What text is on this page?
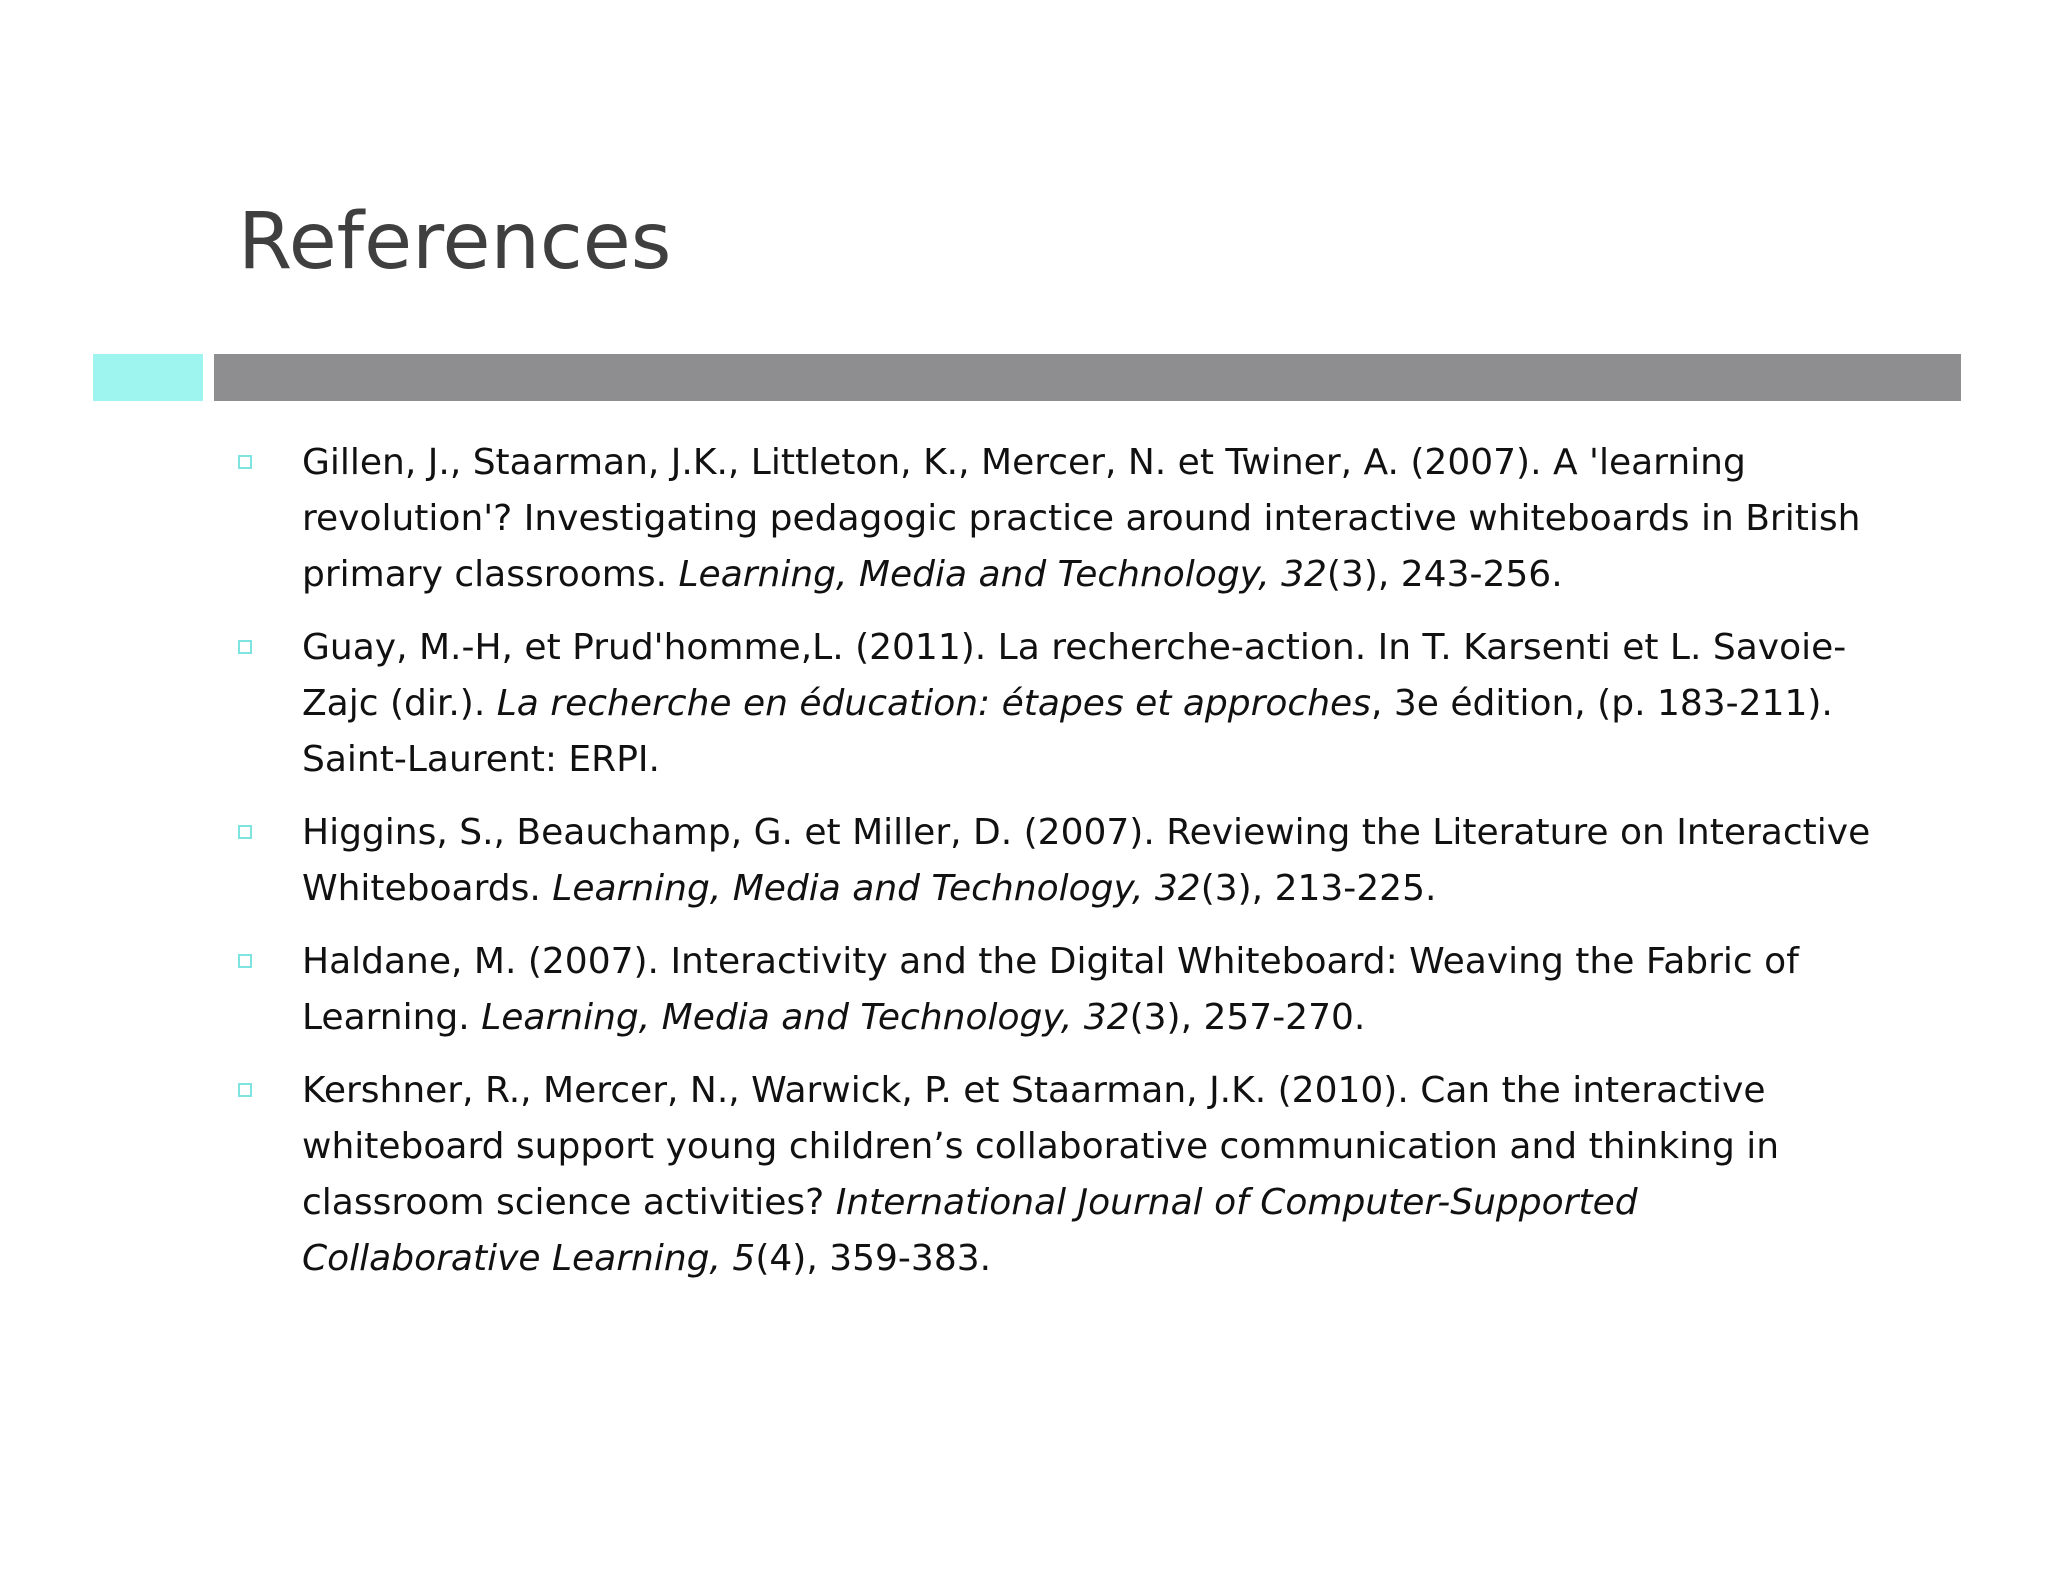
References
Gillen, J., Staarman, J.K., Littleton, K., Mercer, N. et Twiner, A. (2007). A 'learning revolution'? Investigating pedagogic practice around interactive whiteboards in British primary classrooms. Learning, Media and Technology, 32(3), 243-256.
Guay, M.-H, et Prud'homme,L. (2011). La recherche-action. In T. Karsenti et L. Savoie-Zajc (dir.). La recherche en éducation: étapes et approches, 3e édition, (p. 183-211). Saint-Laurent: ERPI.
Higgins, S., Beauchamp, G. et Miller, D. (2007). Reviewing the Literature on Interactive Whiteboards. Learning, Media and Technology, 32(3), 213-225.
Haldane, M. (2007). Interactivity and the Digital Whiteboard: Weaving the Fabric of Learning. Learning, Media and Technology, 32(3), 257-270.
Kershner, R., Mercer, N., Warwick, P. et Staarman, J.K. (2010). Can the interactive whiteboard support young children’s collaborative communication and thinking in classroom science activities? International Journal of Computer-Supported Collaborative Learning, 5(4), 359-383.
